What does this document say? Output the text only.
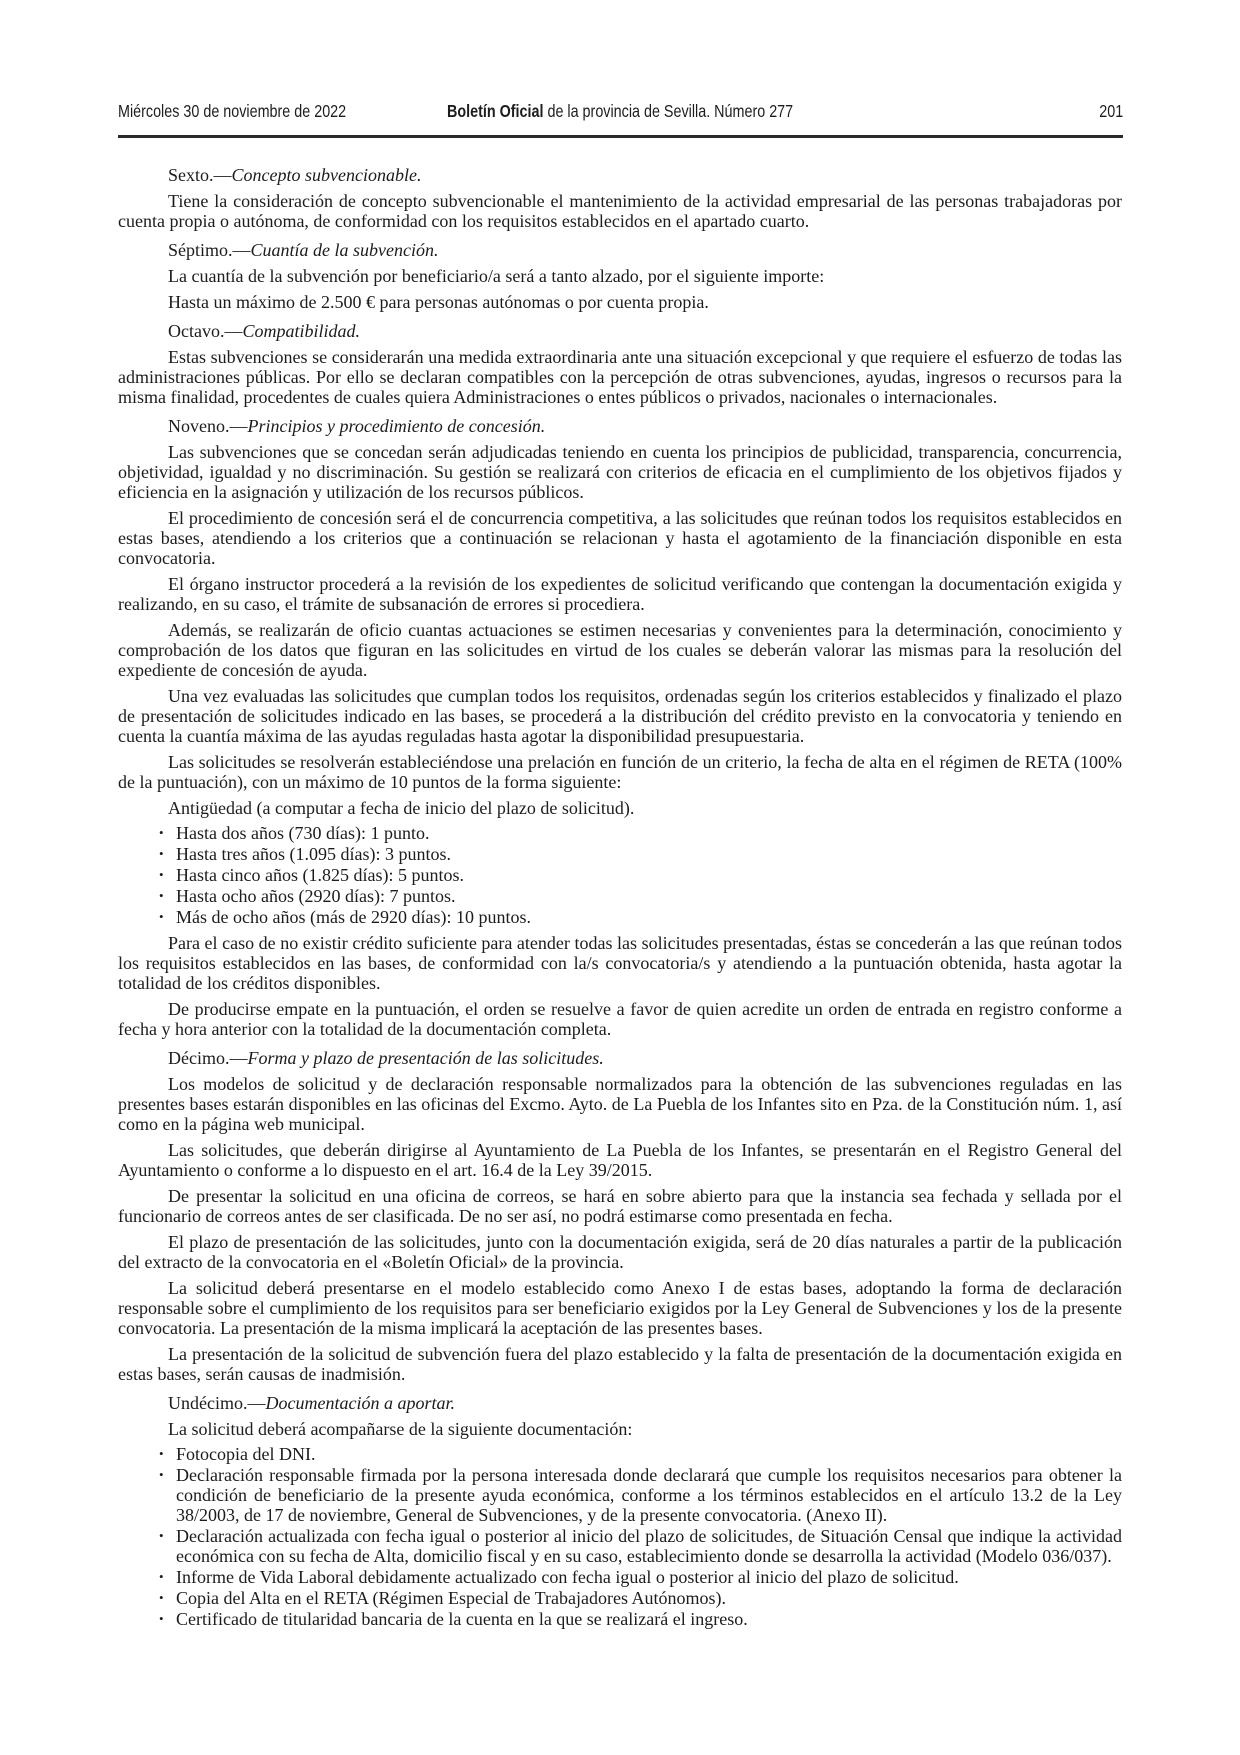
Miércoles 30 de noviembre de 2022	Boletín Oficial de la provincia de Sevilla. Número 277	201

Sexto.—Concepto subvencionable.

Tiene la consideración de concepto subvencionable el mantenimiento de la actividad empresarial de las personas trabajadoras por cuenta propia o autónoma, de conformidad con los requisitos establecidos en el apartado cuarto.

Séptimo.—Cuantía de la subvención.

La cuantía de la subvención por beneficiario/a será a tanto alzado, por el siguiente importe:

Hasta un máximo de 2.500 € para personas autónomas o por cuenta propia.

Octavo.—Compatibilidad.

Estas subvenciones se considerarán una medida extraordinaria ante una situación excepcional y que requiere el esfuerzo de todas las administraciones públicas. Por ello se declaran compatibles con la percepción de otras subvenciones, ayudas, ingresos o recursos para la misma finalidad, procedentes de cuales quiera Administraciones o entes públicos o privados, nacionales o internacionales.

Noveno.—Principios y procedimiento de concesión.

Las subvenciones que se concedan serán adjudicadas teniendo en cuenta los principios de publicidad, transparencia, concurrencia, objetividad, igualdad y no discriminación. Su gestión se realizará con criterios de eficacia en el cumplimiento de los objetivos fijados y eficiencia en la asignación y utilización de los recursos públicos.

El procedimiento de concesión será el de concurrencia competitiva, a las solicitudes que reúnan todos los requisitos establecidos en estas bases, atendiendo a los criterios que a continuación se relacionan y hasta el agotamiento de la financiación disponible en esta convocatoria.

El órgano instructor procederá a la revisión de los expedientes de solicitud verificando que contengan la documentación exigida y realizando, en su caso, el trámite de subsanación de errores si procediera.

Además, se realizarán de oficio cuantas actuaciones se estimen necesarias y convenientes para la determinación, conocimiento y comprobación de los datos que figuran en las solicitudes en virtud de los cuales se deberán valorar las mismas para la resolución del expediente de concesión de ayuda.

Una vez evaluadas las solicitudes que cumplan todos los requisitos, ordenadas según los criterios establecidos y finalizado el plazo de presentación de solicitudes indicado en las bases, se procederá a la distribución del crédito previsto en la convocatoria y teniendo en cuenta la cuantía máxima de las ayudas reguladas hasta agotar la disponibilidad presupuestaria.

Las solicitudes se resolverán estableciéndose una prelación en función de un criterio, la fecha de alta en el régimen de RETA (100% de la puntuación), con un máximo de 10 puntos de la forma siguiente:

Antigüedad (a computar a fecha de inicio del plazo de solicitud).

• Hasta dos años (730 días): 1 punto.
• Hasta tres años (1.095 días): 3 puntos.
• Hasta cinco años (1.825 días): 5 puntos.
• Hasta ocho años (2920 días): 7 puntos.
• Más de ocho años (más de 2920 días): 10 puntos.

Para el caso de no existir crédito suficiente para atender todas las solicitudes presentadas, éstas se concederán a las que reúnan todos los requisitos establecidos en las bases, de conformidad con la/s convocatoria/s y atendiendo a la puntuación obtenida, hasta agotar la totalidad de los créditos disponibles.

De producirse empate en la puntuación, el orden se resuelve a favor de quien acredite un orden de entrada en registro conforme a fecha y hora anterior con la totalidad de la documentación completa.

Décimo.—Forma y plazo de presentación de las solicitudes.

Los modelos de solicitud y de declaración responsable normalizados para la obtención de las subvenciones reguladas en las presentes bases estarán disponibles en las oficinas del Excmo. Ayto. de La Puebla de los Infantes sito en Pza. de la Constitución núm. 1, así como en la página web municipal.

Las solicitudes, que deberán dirigirse al Ayuntamiento de La Puebla de los Infantes, se presentarán en el Registro General del Ayuntamiento o conforme a lo dispuesto en el art. 16.4 de la Ley 39/2015.

De presentar la solicitud en una oficina de correos, se hará en sobre abierto para que la instancia sea fechada y sellada por el funcionario de correos antes de ser clasificada. De no ser así, no podrá estimarse como presentada en fecha.

El plazo de presentación de las solicitudes, junto con la documentación exigida, será de 20 días naturales a partir de la publicación del extracto de la convocatoria en el «Boletín Oficial» de la provincia.

La solicitud deberá presentarse en el modelo establecido como Anexo I de estas bases, adoptando la forma de declaración responsable sobre el cumplimiento de los requisitos para ser beneficiario exigidos por la Ley General de Subvenciones y los de la presente convocatoria. La presentación de la misma implicará la aceptación de las presentes bases.

La presentación de la solicitud de subvención fuera del plazo establecido y la falta de presentación de la documentación exigida en estas bases, serán causas de inadmisión.

Undécimo.—Documentación a aportar.

La solicitud deberá acompañarse de la siguiente documentación:

• Fotocopia del DNI.
• Declaración responsable firmada por la persona interesada donde declarará que cumple los requisitos necesarios para obtener la condición de beneficiario de la presente ayuda económica, conforme a los términos establecidos en el artículo 13.2 de la Ley 38/2003, de 17 de noviembre, General de Subvenciones, y de la presente convocatoria. (Anexo II).
• Declaración actualizada con fecha igual o posterior al inicio del plazo de solicitudes, de Situación Censal que indique la actividad económica con su fecha de Alta, domicilio fiscal y en su caso, establecimiento donde se desarrolla la actividad (Modelo 036/037).
• Informe de Vida Laboral debidamente actualizado con fecha igual o posterior al inicio del plazo de solicitud.
• Copia del Alta en el RETA (Régimen Especial de Trabajadores Autónomos).
• Certificado de titularidad bancaria de la cuenta en la que se realizará el ingreso.
